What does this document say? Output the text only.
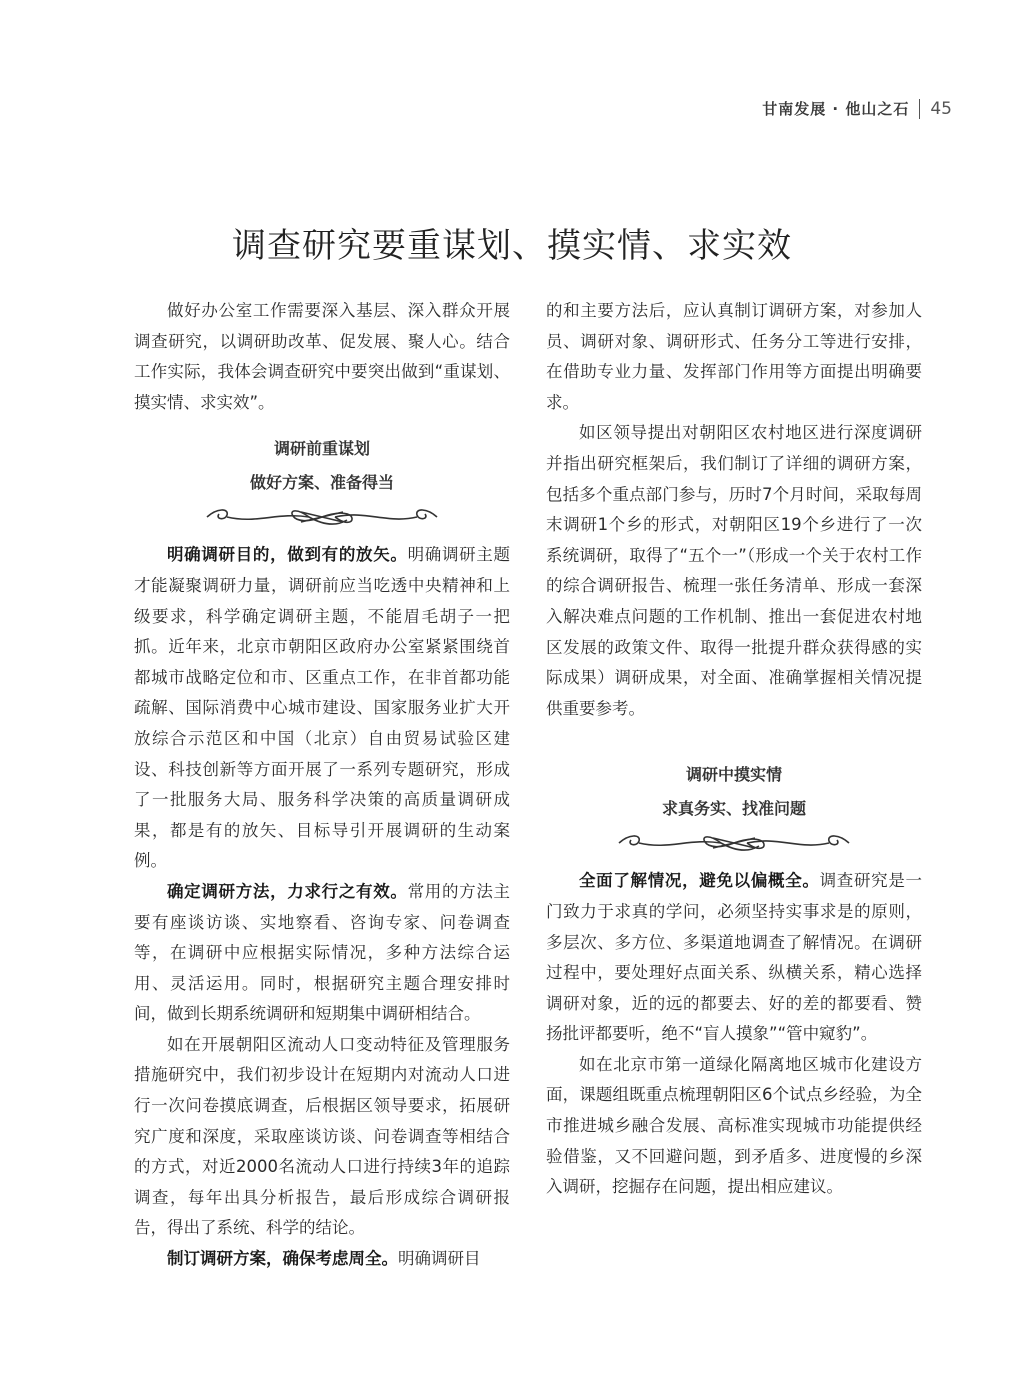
甘南发展 · 他山之石 45
调查研究要重谋划、摸实情、求实效

做好办公室工作需要深入基层、深入群众开展调查研究，以调研助改革、促发展、聚人心。结合工作实际，我体会调查研究中要突出做到“重谋划、摸实情、求实效”。

调研前重谋划
做好方案、准备得当

明确调研目的，做到有的放矢。明确调研主题才能凝聚调研力量，调研前应当吃透中央精神和上级要求，科学确定调研主题，不能眉毛胡子一把抓。近年来，北京市朝阳区政府办公室紧紧围绕首都城市战略定位和市、区重点工作，在非首都功能疏解、国际消费中心城市建设、国家服务业扩大开放综合示范区和中国（北京）自由贸易试验区建设、科技创新等方面开展了一系列专题研究，形成了一批服务大局、服务科学决策的高质量调研成果，都是有的放矢、目标导引开展调研的生动案例。

确定调研方法，力求行之有效。常用的方法主要有座谈访谈、实地察看、咨询专家、问卷调查等，在调研中应根据实际情况，多种方法综合运用、灵活运用。同时，根据研究主题合理安排时间，做到长期系统调研和短期集中调研相结合。

如在开展朝阳区流动人口变动特征及管理服务措施研究中，我们初步设计在短期内对流动人口进行一次问卷摸底调查，后根据区领导要求，拓展研究广度和深度，采取座谈访谈、问卷调查等相结合的方式，对近2000名流动人口进行持续3年的追踪调查，每年出具分析报告，最后形成综合调研报告，得出了系统、科学的结论。

制订调研方案，确保考虑周全。明确调研目

的和主要方法后，应认真制订调研方案，对参加人员、调研对象、调研形式、任务分工等进行安排，在借助专业力量、发挥部门作用等方面提出明确要求。

如区领导提出对朝阳区农村地区进行深度调研并指出研究框架后，我们制订了详细的调研方案，包括多个重点部门参与，历时7个月时间，采取每周末调研1个乡的形式，对朝阳区19个乡进行了一次系统调研，取得了“五个一”（形成一个关于农村工作的综合调研报告、梳理一张任务清单、形成一套深入解决难点问题的工作机制、推出一套促进农村地区发展的政策文件、取得一批提升群众获得感的实际成果）调研成果，对全面、准确掌握相关情况提供重要参考。

调研中摸实情
求真务实、找准问题

全面了解情况，避免以偏概全。调查研究是一门致力于求真的学问，必须坚持实事求是的原则，多层次、多方位、多渠道地调查了解情况。在调研过程中，要处理好点面关系、纵横关系，精心选择调研对象，近的远的都要去、好的差的都要看、赞扬批评都要听，绝不“盲人摸象”“管中窥豹”。

如在北京市第一道绿化隔离地区城市化建设方面，课题组既重点梳理朝阳区6个试点乡经验，为全市推进城乡融合发展、高标准实现城市功能提供经验借鉴，又不回避问题，到矛盾多、进度慢的乡深入调研，挖掘存在问题，提出相应建议。
